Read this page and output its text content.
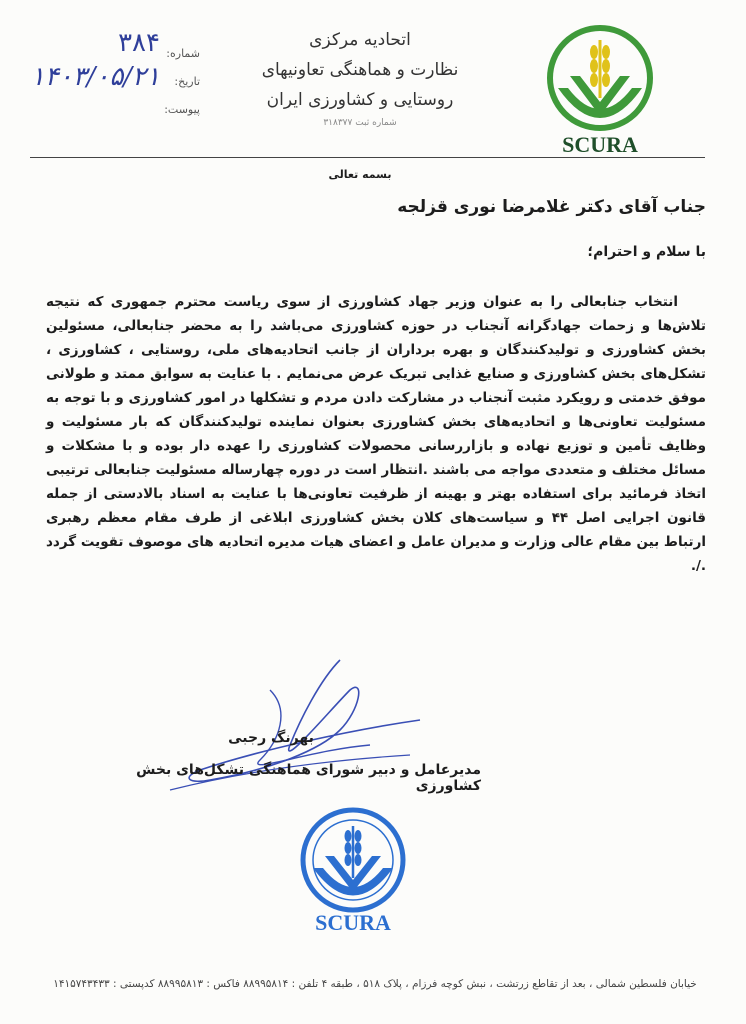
SCURA
اتحادیه مرکزی
نظارت و هماهنگی تعاونیهای
روستایی و کشاورزی ایران
شماره ثبت ۳۱۸۳۷۷
شماره:
تاریخ:
پیوست:
۳۸۴
۱۴۰۳/۰۵/۲۱
بسمه تعالی
جناب آقای دکتر غلامرضا نوری قزلجه
با سلام و احترام؛
انتخاب جنابعالی را به عنوان وزیر جهاد کشاورزی از سوی ریاست محترم جمهوری که نتیجه تلاش‌ها و زحمات جهادگرانه آنجناب در حوزه کشاورزی می‌باشد را به محضر جنابعالی، مسئولین بخش کشاورزی و تولیدکنندگان و بهره برداران از جانب اتحادیه‌های ملی، روستایی ، کشاورزی ، تشکل‌های بخش کشاورزی و صنایع غذایی تبریک عرض می‌نمایم . با عنایت به سوابق ممتد و طولانی موفق خدمتی و رویکرد مثبت آنجناب در مشارکت دادن مردم و تشکلها در امور کشاورزی و با توجه به مسئولیت تعاونی‌ها و اتحادیه‌های بخش کشاورزی بعنوان نماینده تولیدکنندگان که بار مسئولیت و وظایف تأمین و توزیع نهاده و بازاررسانی محصولات کشاورزی را عهده دار بوده و با مشکلات و مسائل مختلف و متعددی مواجه می باشند .انتظار است در دوره چهارساله مسئولیت جنابعالی ترتیبی اتخاذ فرمائید برای استفاده بهتر و بهینه از ظرفیت تعاونی‌ها با عنایت به اسناد بالادستی از جمله قانون اجرایی اصل ۴۴ و سیاست‌های کلان بخش کشاورزی ابلاغی از طرف مقام معظم رهبری ارتباط بین مقام عالی وزارت و مدیران عامل و اعضای هیات مدیره اتحادیه های موصوف تقویت گردد ./.
بهرنگ رجبی
مدیرعامل و دبیر شورای هماهنگی تشکل‌های بخش کشاورزی
SCURA
خیابان فلسطین شمالی ، بعد از تقاطع زرتشت ، نبش کوچه فرزام ، پلاک ۵۱۸ ، طبقه ۴ تلفن : ۸۸۹۹۵۸۱۴ فاکس : ۸۸۹۹۵۸۱۳ کدپستی : ۱۴۱۵۷۴۳۴۳۳
